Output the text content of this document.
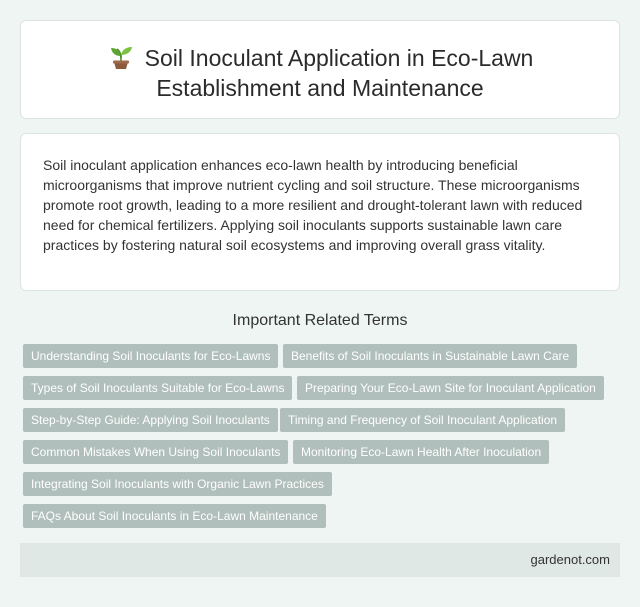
Soil Inoculant Application in Eco-Lawn
Establishment and Maintenance

Soil inoculant application enhances eco-lawn health by introducing beneficial microorganisms that improve nutrient cycling and soil structure. These microorganisms promote root growth, leading to a more resilient and drought-tolerant lawn with reduced need for chemical fertilizers. Applying soil inoculants supports sustainable lawn care practices by fostering natural soil ecosystems and improving overall grass vitality.

Important Related Terms
Understanding Soil Inoculants for Eco-Lawns	Benefits of Soil Inoculants in Sustainable Lawn Care
Types of Soil Inoculants Suitable for Eco-Lawns	Preparing Your Eco-Lawn Site for Inoculant Application
Step-by-Step Guide: Applying Soil Inoculants	Timing and Frequency of Soil Inoculant Application
Common Mistakes When Using Soil Inoculants	Monitoring Eco-Lawn Health After Inoculation
Integrating Soil Inoculants with Organic Lawn Practices
FAQs About Soil Inoculants in Eco-Lawn Maintenance
gardenot.com
